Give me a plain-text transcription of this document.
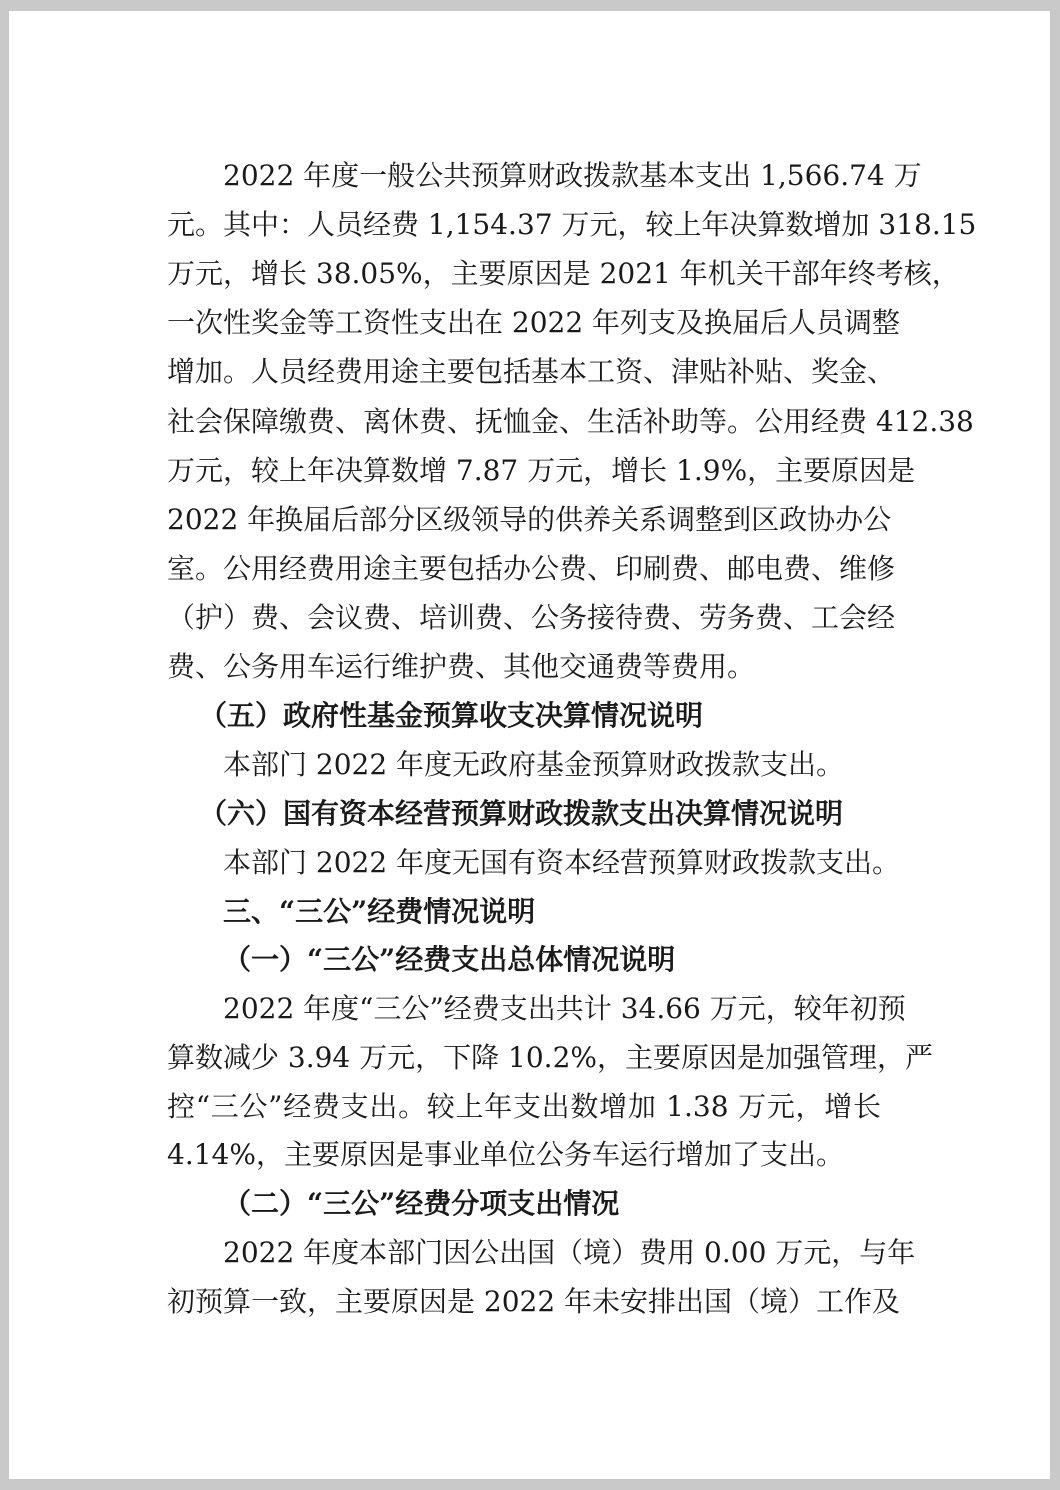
2022 年度一般公共预算财政拨款基本支出 1,566.74 万
元。其中：人员经费 1,154.37 万元，较上年决算数增加 318.15
万元，增长 38.05%，主要原因是 2021 年机关干部年终考核，
一次性奖金等工资性支出在 2022 年列支及换届后人员调整
增加。人员经费用途主要包括基本工资、津贴补贴、奖金、
社会保障缴费、离休费、抚恤金、生活补助等。公用经费 412.38
万元，较上年决算数增 7.87 万元，增长 1.9%，主要原因是
2022 年换届后部分区级领导的供养关系调整到区政协办公
室。公用经费用途主要包括办公费、印刷费、邮电费、维修
（护）费、会议费、培训费、公务接待费、劳务费、工会经
费、公务用车运行维护费、其他交通费等费用。
（五）政府性基金预算收支决算情况说明
本部门 2022 年度无政府基金预算财政拨款支出。
（六）国有资本经营预算财政拨款支出决算情况说明
本部门 2022 年度无国有资本经营预算财政拨款支出。
三、“三公”经费情况说明
（一）“三公”经费支出总体情况说明
2022 年度“三公”经费支出共计 34.66 万元，较年初预
算数减少 3.94 万元，下降 10.2%，主要原因是加强管理，严
控“三公”经费支出。较上年支出数增加 1.38 万元，增长
4.14%，主要原因是事业单位公务车运行增加了支出。
（二）“三公”经费分项支出情况
2022 年度本部门因公出国（境）费用 0.00 万元，与年
初预算一致，主要原因是 2022 年未安排出国（境）工作及
